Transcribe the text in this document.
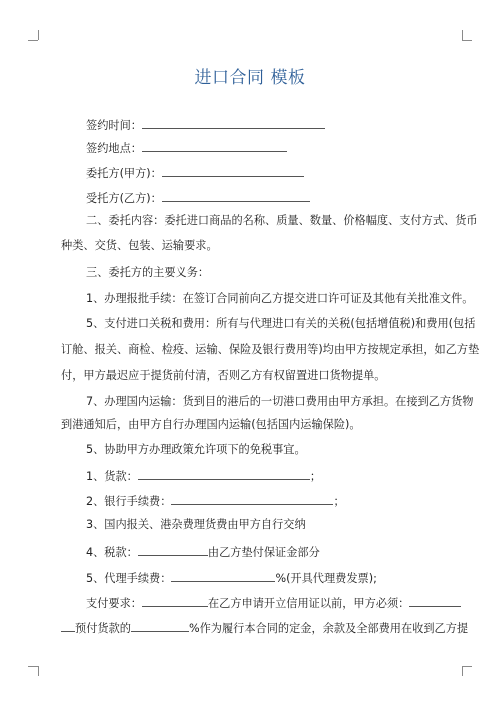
进口合同 模板
签约时间：
签约地点：
委托方(甲方)：
受托方(乙方)：
二、委托内容：委托进口商品的名称、质量、数量、价格幅度、支付方式、货币
种类、交货、包装、运输要求。
三、委托方的主要义务：
1、办理报批手续：在签订合同前向乙方提交进口许可证及其他有关批准文件。
5、支付进口关税和费用：所有与代理进口有关的关税(包括增值税)和费用(包括
订舱、报关、商检、检疫、运输、保险及银行费用等)均由甲方按规定承担，如乙方垫
付，甲方最迟应于提货前付清，否则乙方有权留置进口货物提单。
7、办理国内运输：货到目的港后的一切港口费用由甲方承担。在接到乙方货物
到港通知后，由甲方自行办理国内运输(包括国内运输保险)。
5、协助甲方办理政策允许项下的免税事宜。
1、货款：	；
2、银行手续费：	；
3、国内报关、港杂费理货费由甲方自行交纳
4、税款：	由乙方垫付保证金部分
5、代理手续费：	%(开具代理费发票);
支付要求：	在乙方申请开立信用证以前，甲方必须：
预付货款的	%作为履行本合同的定金，余款及全部费用在收到乙方提
